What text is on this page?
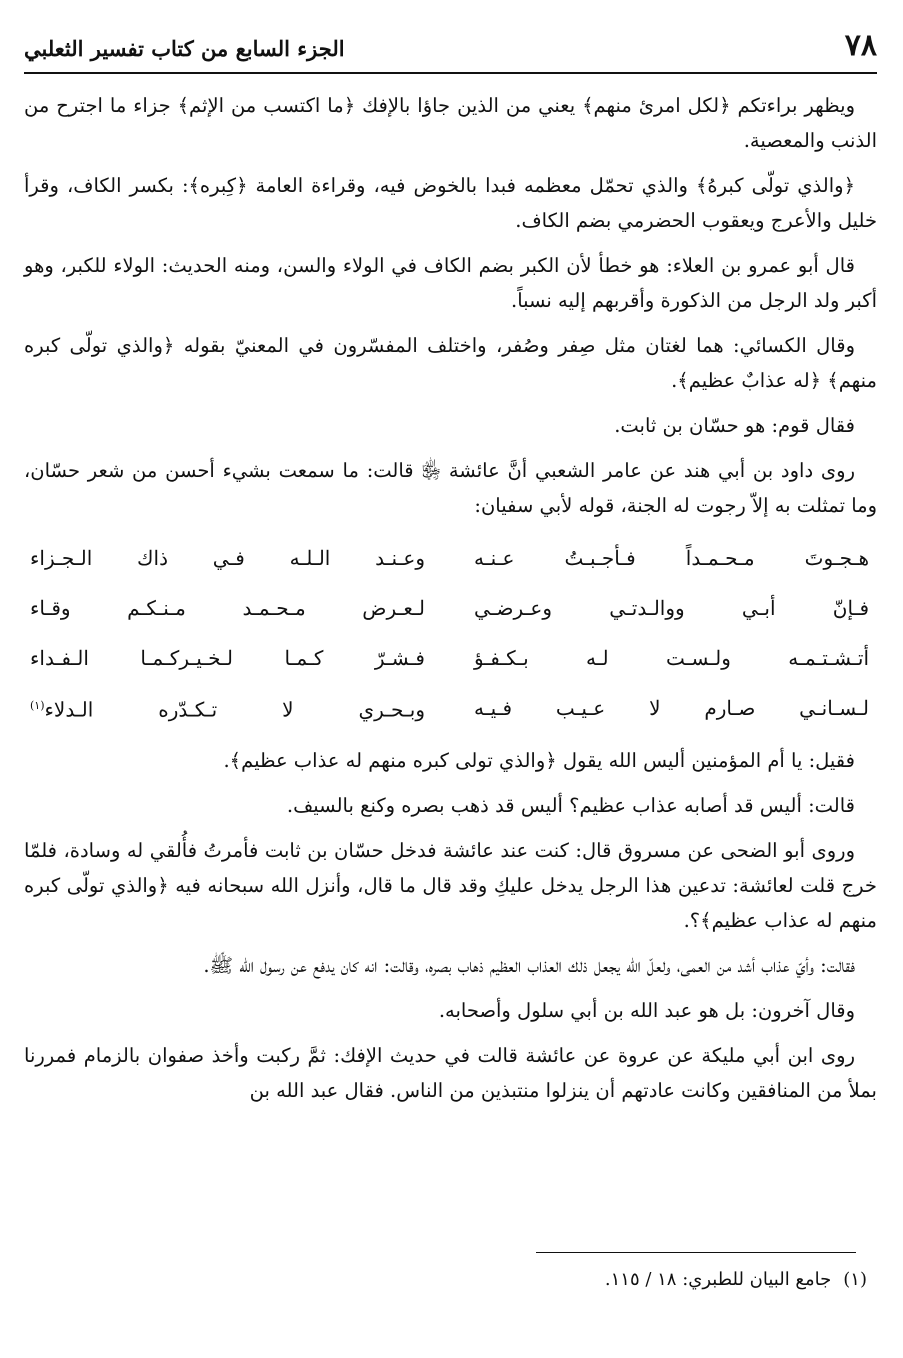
٧٨
الجزء السابع من كتاب تفسير الثعلبي

ويظهر براءتكم ﴿لكل امرئ منهم﴾ يعني من الذين جاؤا بالإفك ﴿ما اكتسب من الإثم﴾ جزاء ما اجترح من الذنب والمعصية.

﴿والذي تولّى كبرهُ﴾ والذي تحمّل معظمه فبدا بالخوض فيه، وقراءة العامة ﴿كِبره﴾: بكسر الكاف، وقرأ خليل والأعرج ويعقوب الحضرمي بضم الكاف.

قال أبو عمرو بن العلاء: هو خطأ لأن الكبر بضم الكاف في الولاء والسن، ومنه الحديث: الولاء للكبر، وهو أكبر ولد الرجل من الذكورة وأقربهم إليه نسباً.

وقال الكسائي: هما لغتان مثل صِفر وصُفر، واختلف المفسّرون في المعنيّ بقوله ﴿والذي تولّى كبره منهم﴾ ﴿له عذابٌ عظيم﴾.

فقال قوم: هو حسّان بن ثابت.

روى داود بن أبي هند عن عامر الشعبي أنَّ عائشة ﵂ قالت: ما سمعت بشيء أحسن من شعر حسّان، وما تمثلت به إلاّ رجوت له الجنة، قوله لأبي سفيان:

هـجـوتَ مـحـمـداً فـأجـبـتُ عـنـه
وعـنـد الـلـه فـي ذاك الـجـزاء
فـإنّ أبـي ووالـدتـي وعـرضـي
لـعـرض مـحـمـد مـنـكـم وقـاء
أتـشـتـمـه ولـسـت لـه بـكـفـؤ
فـشـرّ كـمـا لـخـيـركـمـا الـفـداء
لـسـانـي صـارم لا عـيـب فـيـه
وبـحـري لا تـكـدّره الـدلاء$^{(١)}$

فقيل: يا أم المؤمنين أليس الله يقول ﴿والذي تولى كبره منهم له عذاب عظيم﴾.

قالت: أليس قد أصابه عذاب عظيم؟ أليس قد ذهب بصره وكنع بالسيف.

وروى أبو الضحى عن مسروق قال: كنت عند عائشة فدخل حسّان بن ثابت فأمرتُ فأُلقي له وسادة، فلمّا خرج قلت لعائشة: تدعين هذا الرجل يدخل عليكِ وقد قال ما قال، وأنزل الله سبحانه فيه ﴿والذي تولّى كبره منهم له عذاب عظيم﴾؟.

فقالت: وأيّ عذاب أشد من العمى، ولعلّ الله يجعل ذلك العذاب العظيم ذهاب بصره، وقالت: انه كان يدفع عن رسول الله ﷺ.

وقال آخرون: بل هو عبد الله بن أبي سلول وأصحابه.

روى ابن أبي مليكة عن عروة عن عائشة قالت في حديث الإفك: ثمَّ ركبت وأخذ صفوان بالزمام فمررنا بملأ من المنافقين وكانت عادتهم أن ينزلوا منتبذين من الناس. فقال عبد الله بن

(١)جامع البيان للطبري: ١٨ / ١١٥.
